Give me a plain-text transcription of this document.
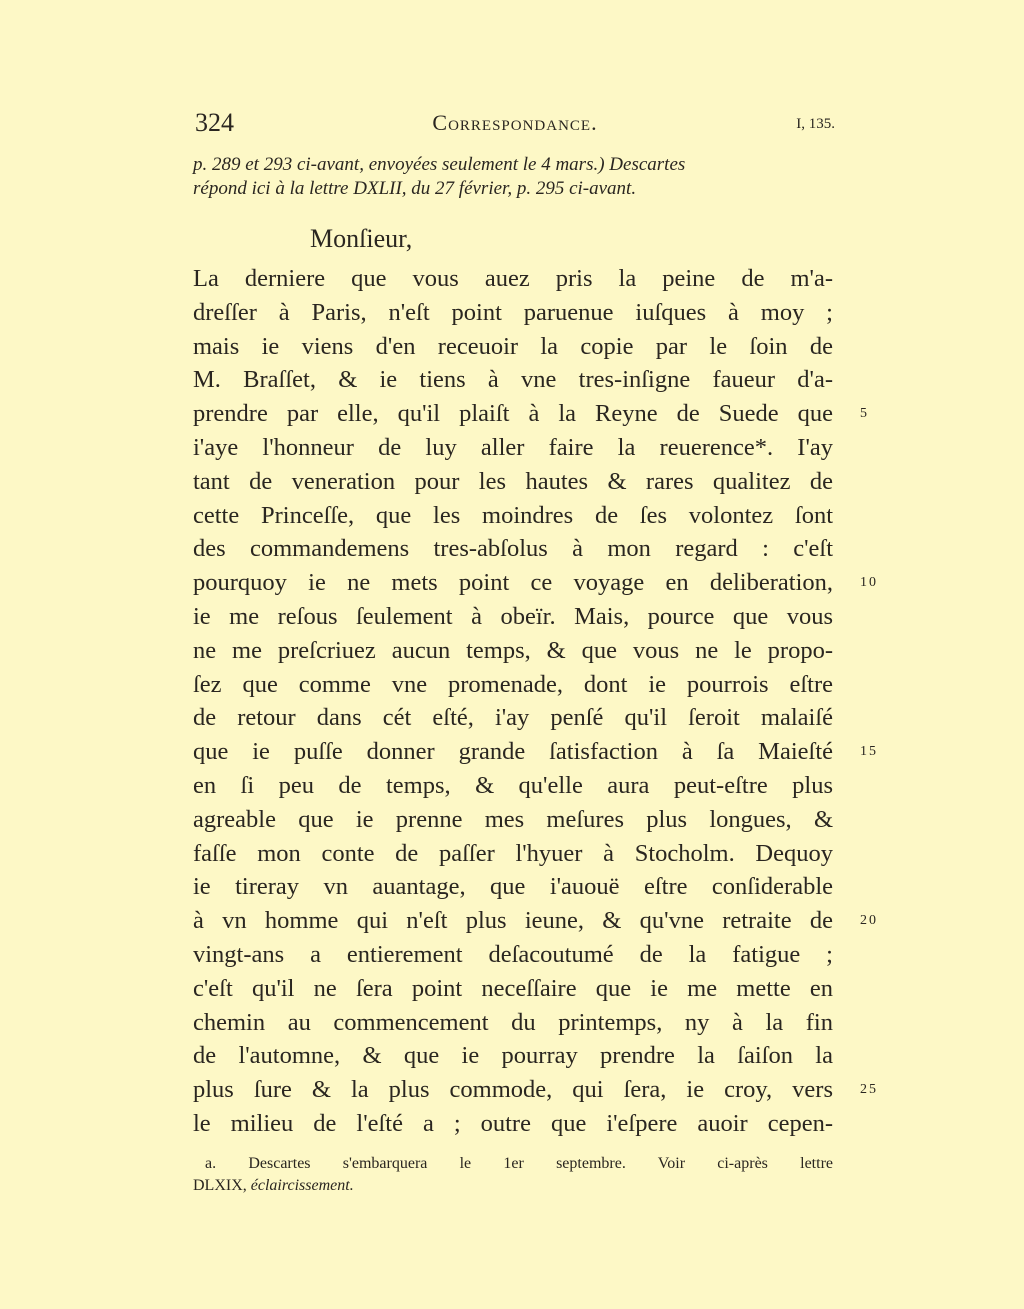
324	Correspondance.	I, 135.
p. 289 et 293 ci-avant, envoyées seulement le 4 mars.) Descartes
répond ici à la lettre DXLII, du 27 février, p. 295 ci-avant.
Monſieur,
La derniere que vous auez pris la peine de m'a-
dreſſer à Paris, n'eſt point paruenue iuſques à moy ;
mais ie viens d'en receuoir la copie par le ſoin de
M. Braſſet, & ie tiens à vne tres-inſigne faueur d'a-
prendre par elle, qu'il plaiſt à la Reyne de Suede que 5
i'aye l'honneur de luy aller faire la reuerence*. I'ay
tant de veneration pour les hautes & rares qualitez de
cette Princeſſe, que les moindres de ſes volontez ſont
des commandemens tres-abſolus à mon regard : c'eſt
pourquoy ie ne mets point ce voyage en deliberation, 10
ie me reſous ſeulement à obeïr. Mais, pource que vous
ne me preſcriuez aucun temps, & que vous ne le propo-
ſez que comme vne promenade, dont ie pourrois eſtre
de retour dans cét eſté, i'ay penſé qu'il ſeroit malaiſé
que ie puſſe donner grande ſatisfaction à ſa Maieſté 15
en ſi peu de temps, & qu'elle aura peut-eſtre plus
agreable que ie prenne mes meſures plus longues, &
faſſe mon conte de paſſer l'hyuer à Stocholm. Dequoy
ie tireray vn auantage, que i'auouë eſtre conſiderable
à vn homme qui n'eſt plus ieune, & qu'vne retraite de 20
vingt-ans a entierement deſacoutumé de la fatigue ;
c'eſt qu'il ne ſera point neceſſaire que ie me mette en
chemin au commencement du printemps, ny à la fin
de l'automne, & que ie pourray prendre la ſaiſon la
plus ſure & la plus commode, qui ſera, ie croy, vers 25
le milieu de l'eſté a ; outre que i'eſpere auoir cepen-
a. Descartes s'embarquera le 1er septembre. Voir ci-après lettre
DLXIX, éclaircissement.
